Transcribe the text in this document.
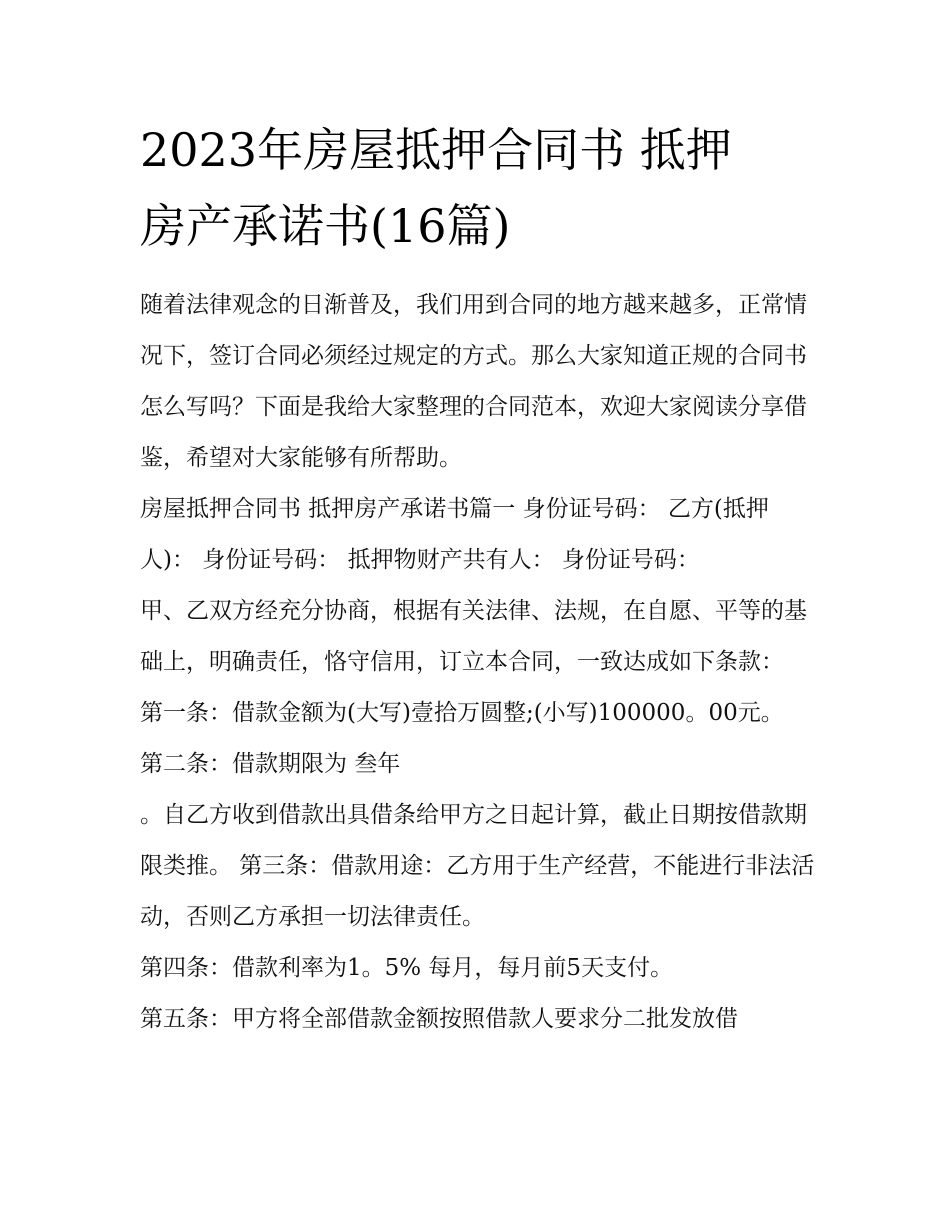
2023年房屋抵押合同书 抵押
房产承诺书(16篇)

随着法律观念的日渐普及，我们用到合同的地方越来越多，正常情况下，签订合同必须经过规定的方式。那么大家知道正规的合同书怎么写吗？下面是我给大家整理的合同范本，欢迎大家阅读分享借鉴，希望对大家能够有所帮助。

房屋抵押合同书 抵押房产承诺书篇一 身份证号码： 乙方(抵押人)： 身份证号码： 抵押物财产共有人： 身份证号码：

甲、乙双方经充分协商，根据有关法律、法规，在自愿、平等的基础上，明确责任，恪守信用，订立本合同，一致达成如下条款：

第一条：借款金额为(大写)壹拾万圆整;(小写)100000。00元。

第二条：借款期限为 叁年

。自乙方收到借款出具借条给甲方之日起计算，截止日期按借款期限类推。 第三条：借款用途：乙方用于生产经营，不能进行非法活动，否则乙方承担一切法律责任。

第四条：借款利率为1。5% 每月，每月前5天支付。

第五条：甲方将全部借款金额按照借款人要求分二批发放借
